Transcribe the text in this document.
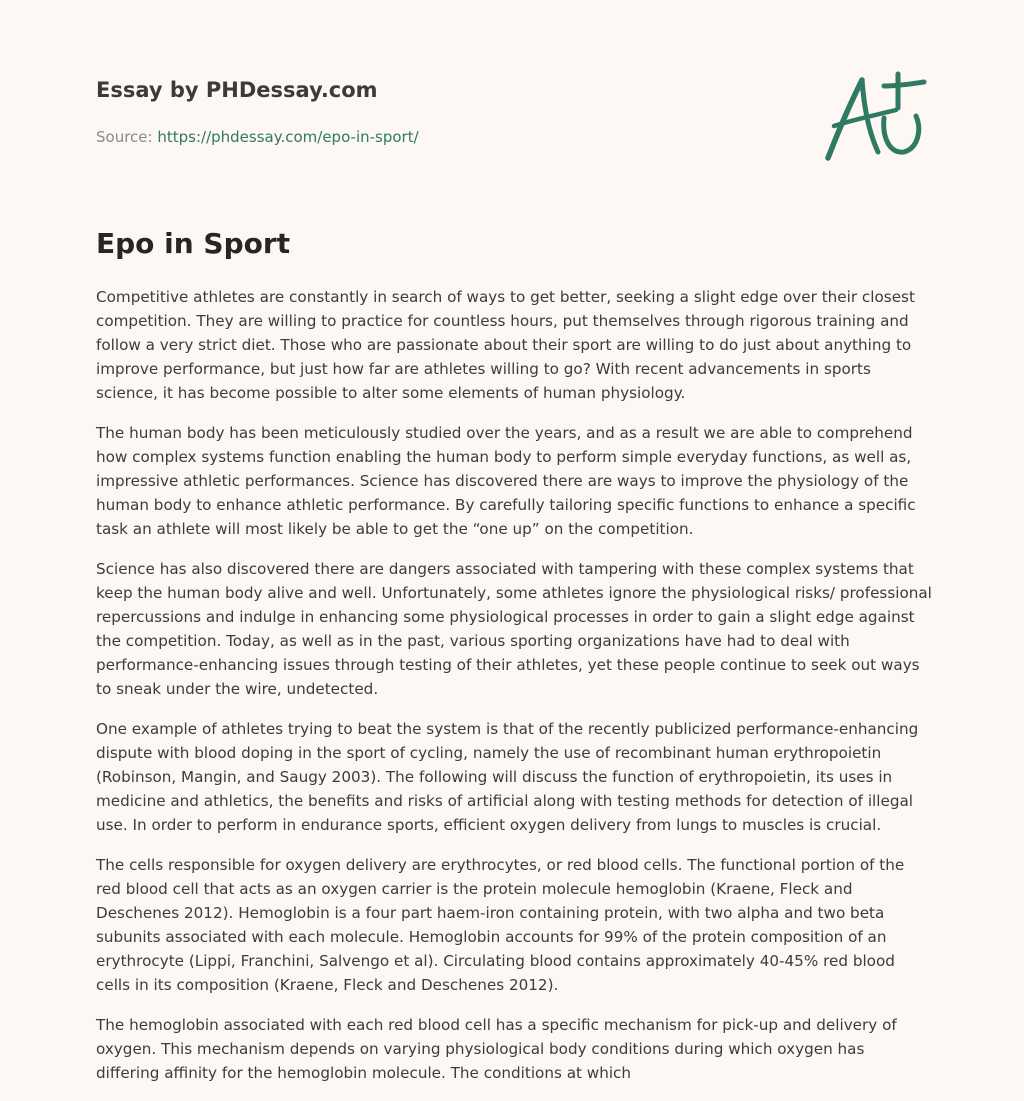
Essay by PHDessay.com
Source: https://phdessay.com/epo-in-sport/
Epo in Sport

Competitive athletes are constantly in search of ways to get better, seeking a slight edge over their closest competition. They are willing to practice for countless hours, put themselves through rigorous training and follow a very strict diet. Those who are passionate about their sport are willing to do just about anything to improve performance, but just how far are athletes willing to go? With recent advancements in sports science, it has become possible to alter some elements of human physiology.

The human body has been meticulously studied over the years, and as a result we are able to comprehend how complex systems function enabling the human body to perform simple everyday functions, as well as, impressive athletic performances. Science has discovered there are ways to improve the physiology of the human body to enhance athletic performance. By carefully tailoring specific functions to enhance a specific task an athlete will most likely be able to get the “one up” on the competition.

Science has also discovered there are dangers associated with tampering with these complex systems that keep the human body alive and well. Unfortunately, some athletes ignore the physiological risks/ professional repercussions and indulge in enhancing some physiological processes in order to gain a slight edge against the competition. Today, as well as in the past, various sporting organizations have had to deal with performance-enhancing issues through testing of their athletes, yet these people continue to seek out ways to sneak under the wire, undetected.

One example of athletes trying to beat the system is that of the recently publicized performance-enhancing dispute with blood doping in the sport of cycling, namely the use of recombinant human erythropoietin (Robinson, Mangin, and Saugy 2003). The following will discuss the function of erythropoietin, its uses in medicine and athletics, the benefits and risks of artificial along with testing methods for detection of illegal use. In order to perform in endurance sports, efficient oxygen delivery from lungs to muscles is crucial.

The cells responsible for oxygen delivery are erythrocytes, or red blood cells. The functional portion of the red blood cell that acts as an oxygen carrier is the protein molecule hemoglobin (Kraene, Fleck and Deschenes 2012). Hemoglobin is a four part haem-iron containing protein, with two alpha and two beta subunits associated with each molecule. Hemoglobin accounts for 99% of the protein composition of an erythrocyte (Lippi, Franchini, Salvengo et al). Circulating blood contains approximately 40-45% red blood cells in its composition (Kraene, Fleck and Deschenes 2012).

The hemoglobin associated with each red blood cell has a specific mechanism for pick-up and delivery of oxygen. This mechanism depends on varying physiological body conditions during which oxygen has differing affinity for the hemoglobin molecule. The conditions at which
